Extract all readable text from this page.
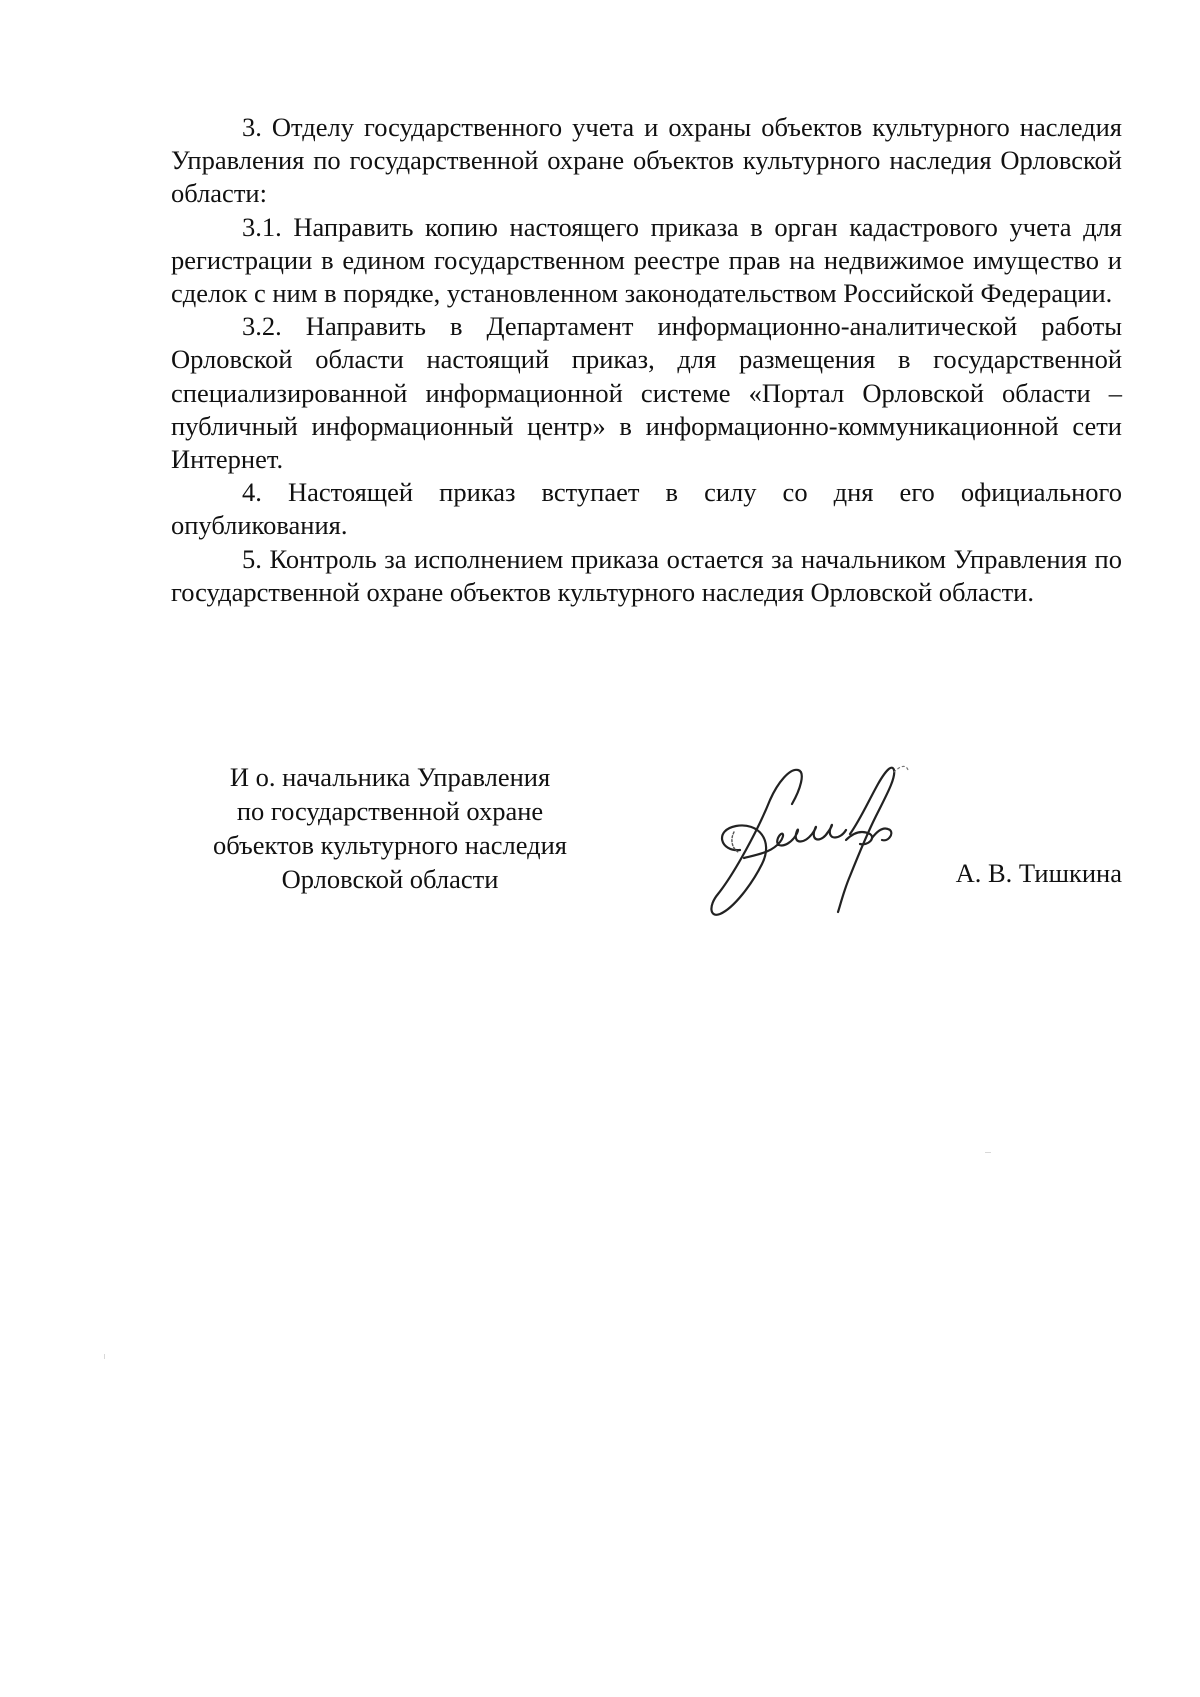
3. Отделу государственного учета и охраны объектов культурного наследия Управления по государственной охране объектов культурного наследия Орловской области:

3.1. Направить копию настоящего приказа в орган кадастрового учета для регистрации в едином государственном реестре прав на недвижимое имущество и сделок с ним в порядке, установленном законодательством Российской Федерации.

3.2. Направить в Департамент информационно-аналитической работы Орловской области настоящий приказ, для размещения в государственной специализированной информационной системе «Портал Орловской области – публичный информационный центр» в информационно-коммуникационной сети Интернет.

4. Настоящей приказ вступает в силу со дня его официального опубликования.

5. Контроль за исполнением приказа остается за начальником Управления по государственной охране объектов культурного наследия Орловской области.

И о. начальника Управления
по государственной охране
объектов культурного наследия
Орловской области	А. В. Тишкина
